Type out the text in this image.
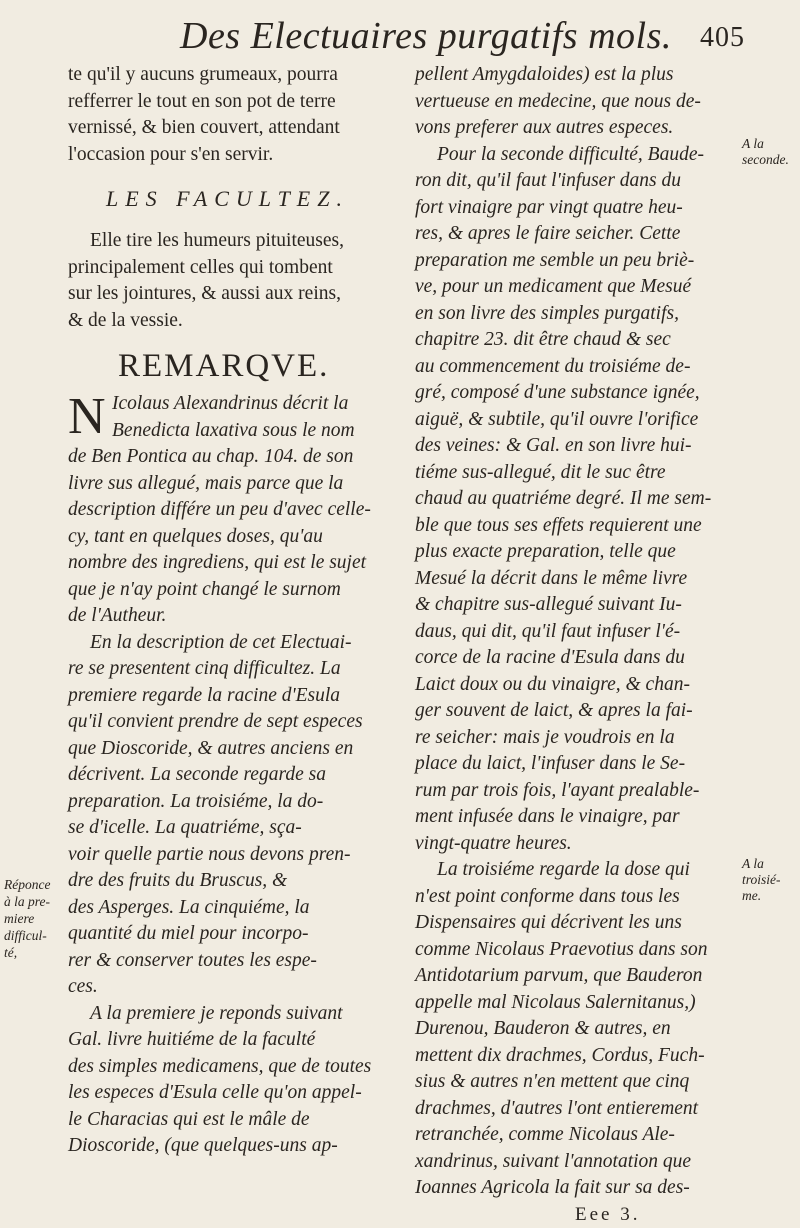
Des Electuaires purgatifs mols. 405
te qu'il y aucuns grumeaux, pourra
refferrer le tout en son pot de terre
vernissé, & bien couvert, attendant
l'occasion pour s'en servir.
LES FACULTEZ.
Elle tire les humeurs pituiteuses,
principalement celles qui tombent
sur les jointures, & aussi aux reins,
& de la vessie.
REMARQVE.
N Icolaus Alexandrinus décrit la
Benedicta laxativa sous le nom
de Ben Pontica au chap. 104. de son
livre sus allegué, mais parce que la
description différe un peu d'avec celle-
cy, tant en quelques doses, qu'au
nombre des ingrediens, qui est le sujet
que je n'ay point changé le surnom
de l'Autheur.
En la description de cet Electuai-
re se presentent cinq difficultez. La
premiere regarde la racine d'Esula
qu'il convient prendre de sept especes
que Dioscoride, & autres anciens en
décrivent. La seconde regarde sa
preparation. La troisiéme, la do-
se d'icelle. La quatriéme, sça-
voir quelle partie nous devons pren-
dre des fruits du Bruscus, &
des Asperges. La cinquiéme, la
quantité du miel pour incorpo-
rer & conserver toutes les espe-
ces.
A la premiere je reponds suivant
Gal. livre huitiéme de la faculté
des simples medicamens, que de toutes
les especes d'Esula celle qu'on appel-
le Characias qui est le mâle de
Dioscoride, (que quelques-uns ap-
pellent Amygdaloides) est la plus
vertueuse en medecine, que nous de-
vons preferer aux autres especes.
Pour la seconde difficulté, Baude-
ron dit, qu'il faut l'infuser dans du
fort vinaigre par vingt quatre heu-
res, & apres le faire seicher. Cette
preparation me semble un peu briè-
ve, pour un medicament que Mesué
en son livre des simples purgatifs,
chapitre 23. dit être chaud & sec
au commencement du troisiéme de-
gré, composé d'une substance ignée,
aiguë, & subtile, qu'il ouvre l'orifice
des veines: & Gal. en son livre hui-
tiéme sus-allegué, dit le suc être
chaud au quatriéme degré. Il me sem-
ble que tous ses effets requierent une
plus exacte preparation, telle que
Mesué la décrit dans le même livre
& chapitre sus-allegué suivant Iu-
daus, qui dit, qu'il faut infuser l'é-
corce de la racine d'Esula dans du
Laict doux ou du vinaigre, & chan-
ger souvent de laict, & apres la fai-
re seicher: mais je voudrois en la
place du laict, l'infuser dans le Se-
rum par trois fois, l'ayant prealable-
ment infusée dans le vinaigre, par
vingt-quatre heures.
La troisiéme regarde la dose qui
n'est point conforme dans tous les
Dispensaires qui décrivent les uns
comme Nicolaus Praevotius dans son
Antidotarium parvum, que Bauderon
appelle mal Nicolaus Salernitanus,)
Durenou, Bauderon & autres, en
mettent dix drachmes, Cordus, Fuch-
sius & autres n'en mettent que cinq
drachmes, d'autres l'ont entierement
retranchée, comme Nicolaus Ale-
xandrinus, suivant l'annotation que
Ioannes Agricola la fait sur sa des-
Eee 3.
Réponce
à la pre-
miere
difficul-
té,
A la
seconde.
A la
troisié-
me.
